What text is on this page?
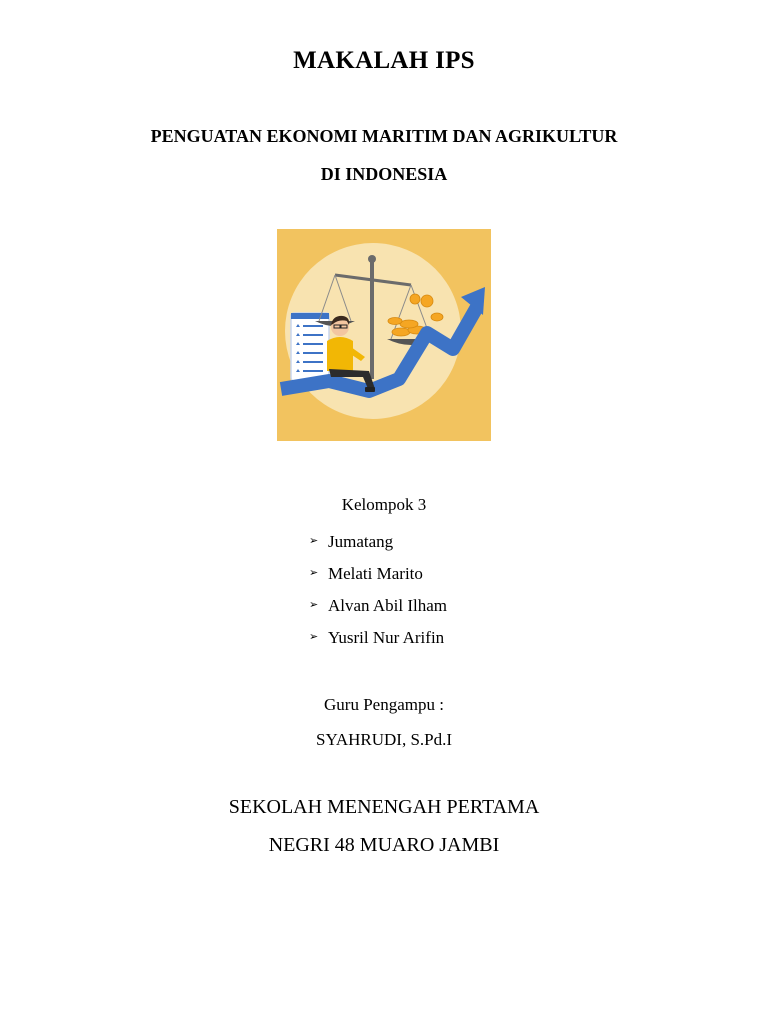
MAKALAH IPS

PENGUATAN EKONOMI MARITIM DAN AGRIKULTUR

DI INDONESIA

Kelompok 3

➢ Jumatang
➢ Melati Marito
➢ Alvan Abil Ilham
➢ Yusril Nur Arifin

Guru Pengampu :

SYAHRUDI, S.Pd.I

SEKOLAH MENENGAH PERTAMA

NEGRI 48 MUARO JAMBI
